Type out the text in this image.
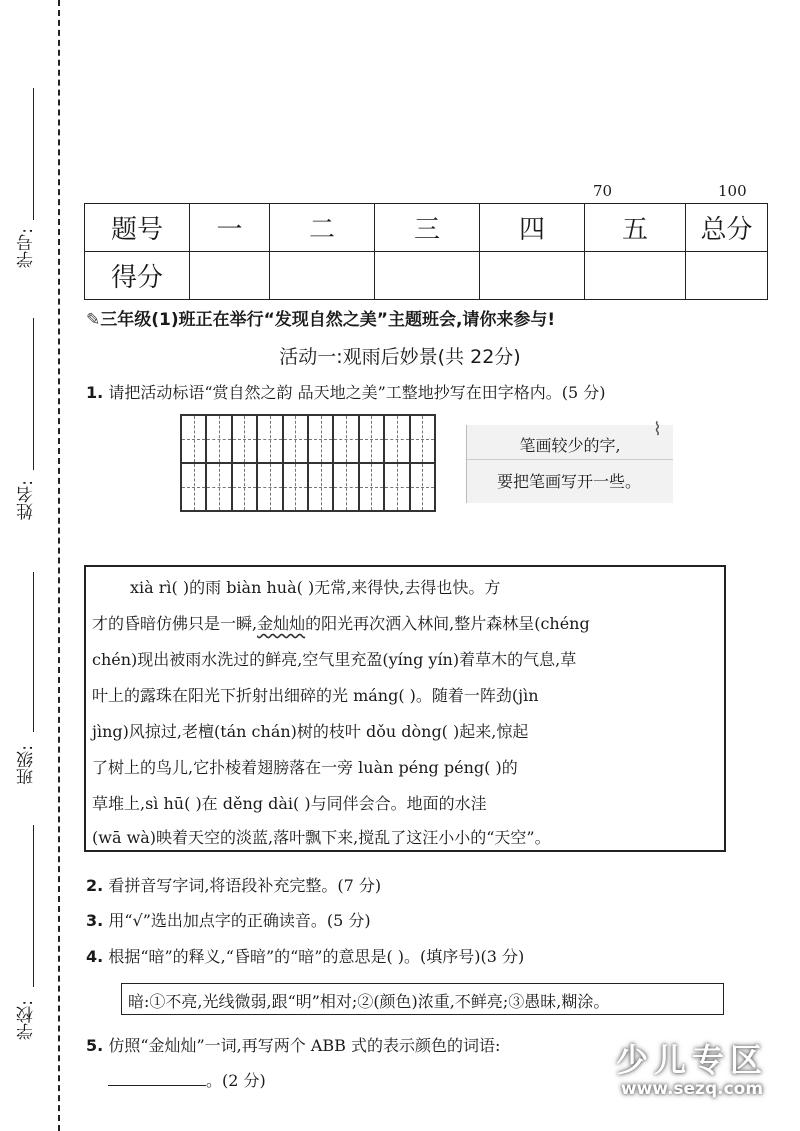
学号:
姓名:
班级:
学校:
70	100
题号	一	二	三	四	五	总分
得分						
✎三年级(1)班正在举行“发现自然之美”主题班会,请你来参与!
活动一:观雨后妙景(共 22分)
1. 请把活动标语“赏自然之韵 品天地之美”工整地抄写在田字格内。(5 分)
⌇
笔画较少的字,
要把笔画写开一些。
xià rì( )的雨 biàn huà( )无常,来得快,去得也快。方
才的昏暗仿佛只是一瞬,金灿灿的阳光再次洒入林间,整片森林呈(chéng
chén)现出被雨水洗过的鲜亮,空气里充盈(yíng yín)着草木的气息,草
叶上的露珠在阳光下折射出细碎的光 máng( )。随着一阵劲(jìn
jìng)风掠过,老檀(tán chán)树的枝叶 dǒu dòng( )起来,惊起
了树上的鸟儿,它扑棱着翅膀落在一旁 luàn péng péng( )的
草堆上,sì hū( )在 děng dài( )与同伴会合。地面的水洼
(wā wà)映着天空的淡蓝,落叶飘下来,搅乱了这汪小小的“天空”。
2. 看拼音写字词,将语段补充完整。(7 分)
3. 用“√”选出加点字的正确读音。(5 分)
4. 根据“暗”的释义,“昏暗”的“暗”的意思是( )。(填序号)(3 分)
暗:①不亮,光线微弱,跟“明”相对;②(颜色)浓重,不鲜亮;③愚昧,糊涂。
5. 仿照“金灿灿”一词,再写两个 ABB 式的表示颜色的词语:
。(2 分)
少儿专区
www.sezq.com
